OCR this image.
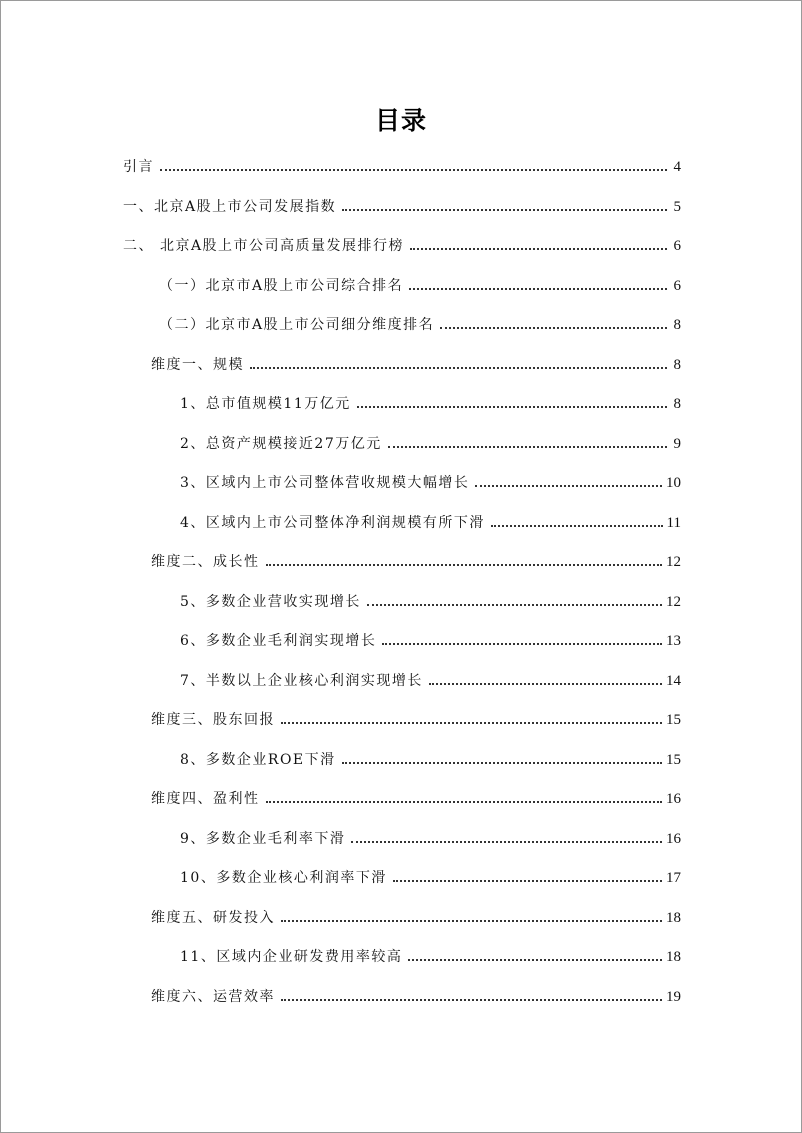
目录
引言	4
一、北京A股上市公司发展指数	5
二、 北京A股上市公司高质量发展排行榜	6
（一）北京市A股上市公司综合排名	6
（二）北京市A股上市公司细分维度排名	8
维度一、规模	8
1、总市值规模11万亿元	8
2、总资产规模接近27万亿元	9
3、区域内上市公司整体营收规模大幅增长	10
4、区域内上市公司整体净利润规模有所下滑	11
维度二、成长性	12
5、多数企业营收实现增长	12
6、多数企业毛利润实现增长	13
7、半数以上企业核心利润实现增长	14
维度三、股东回报	15
8、多数企业ROE下滑	15
维度四、盈利性	16
9、多数企业毛利率下滑	16
10、多数企业核心利润率下滑	17
维度五、研发投入	18
11、区域内企业研发费用率较高	18
维度六、运营效率	19
